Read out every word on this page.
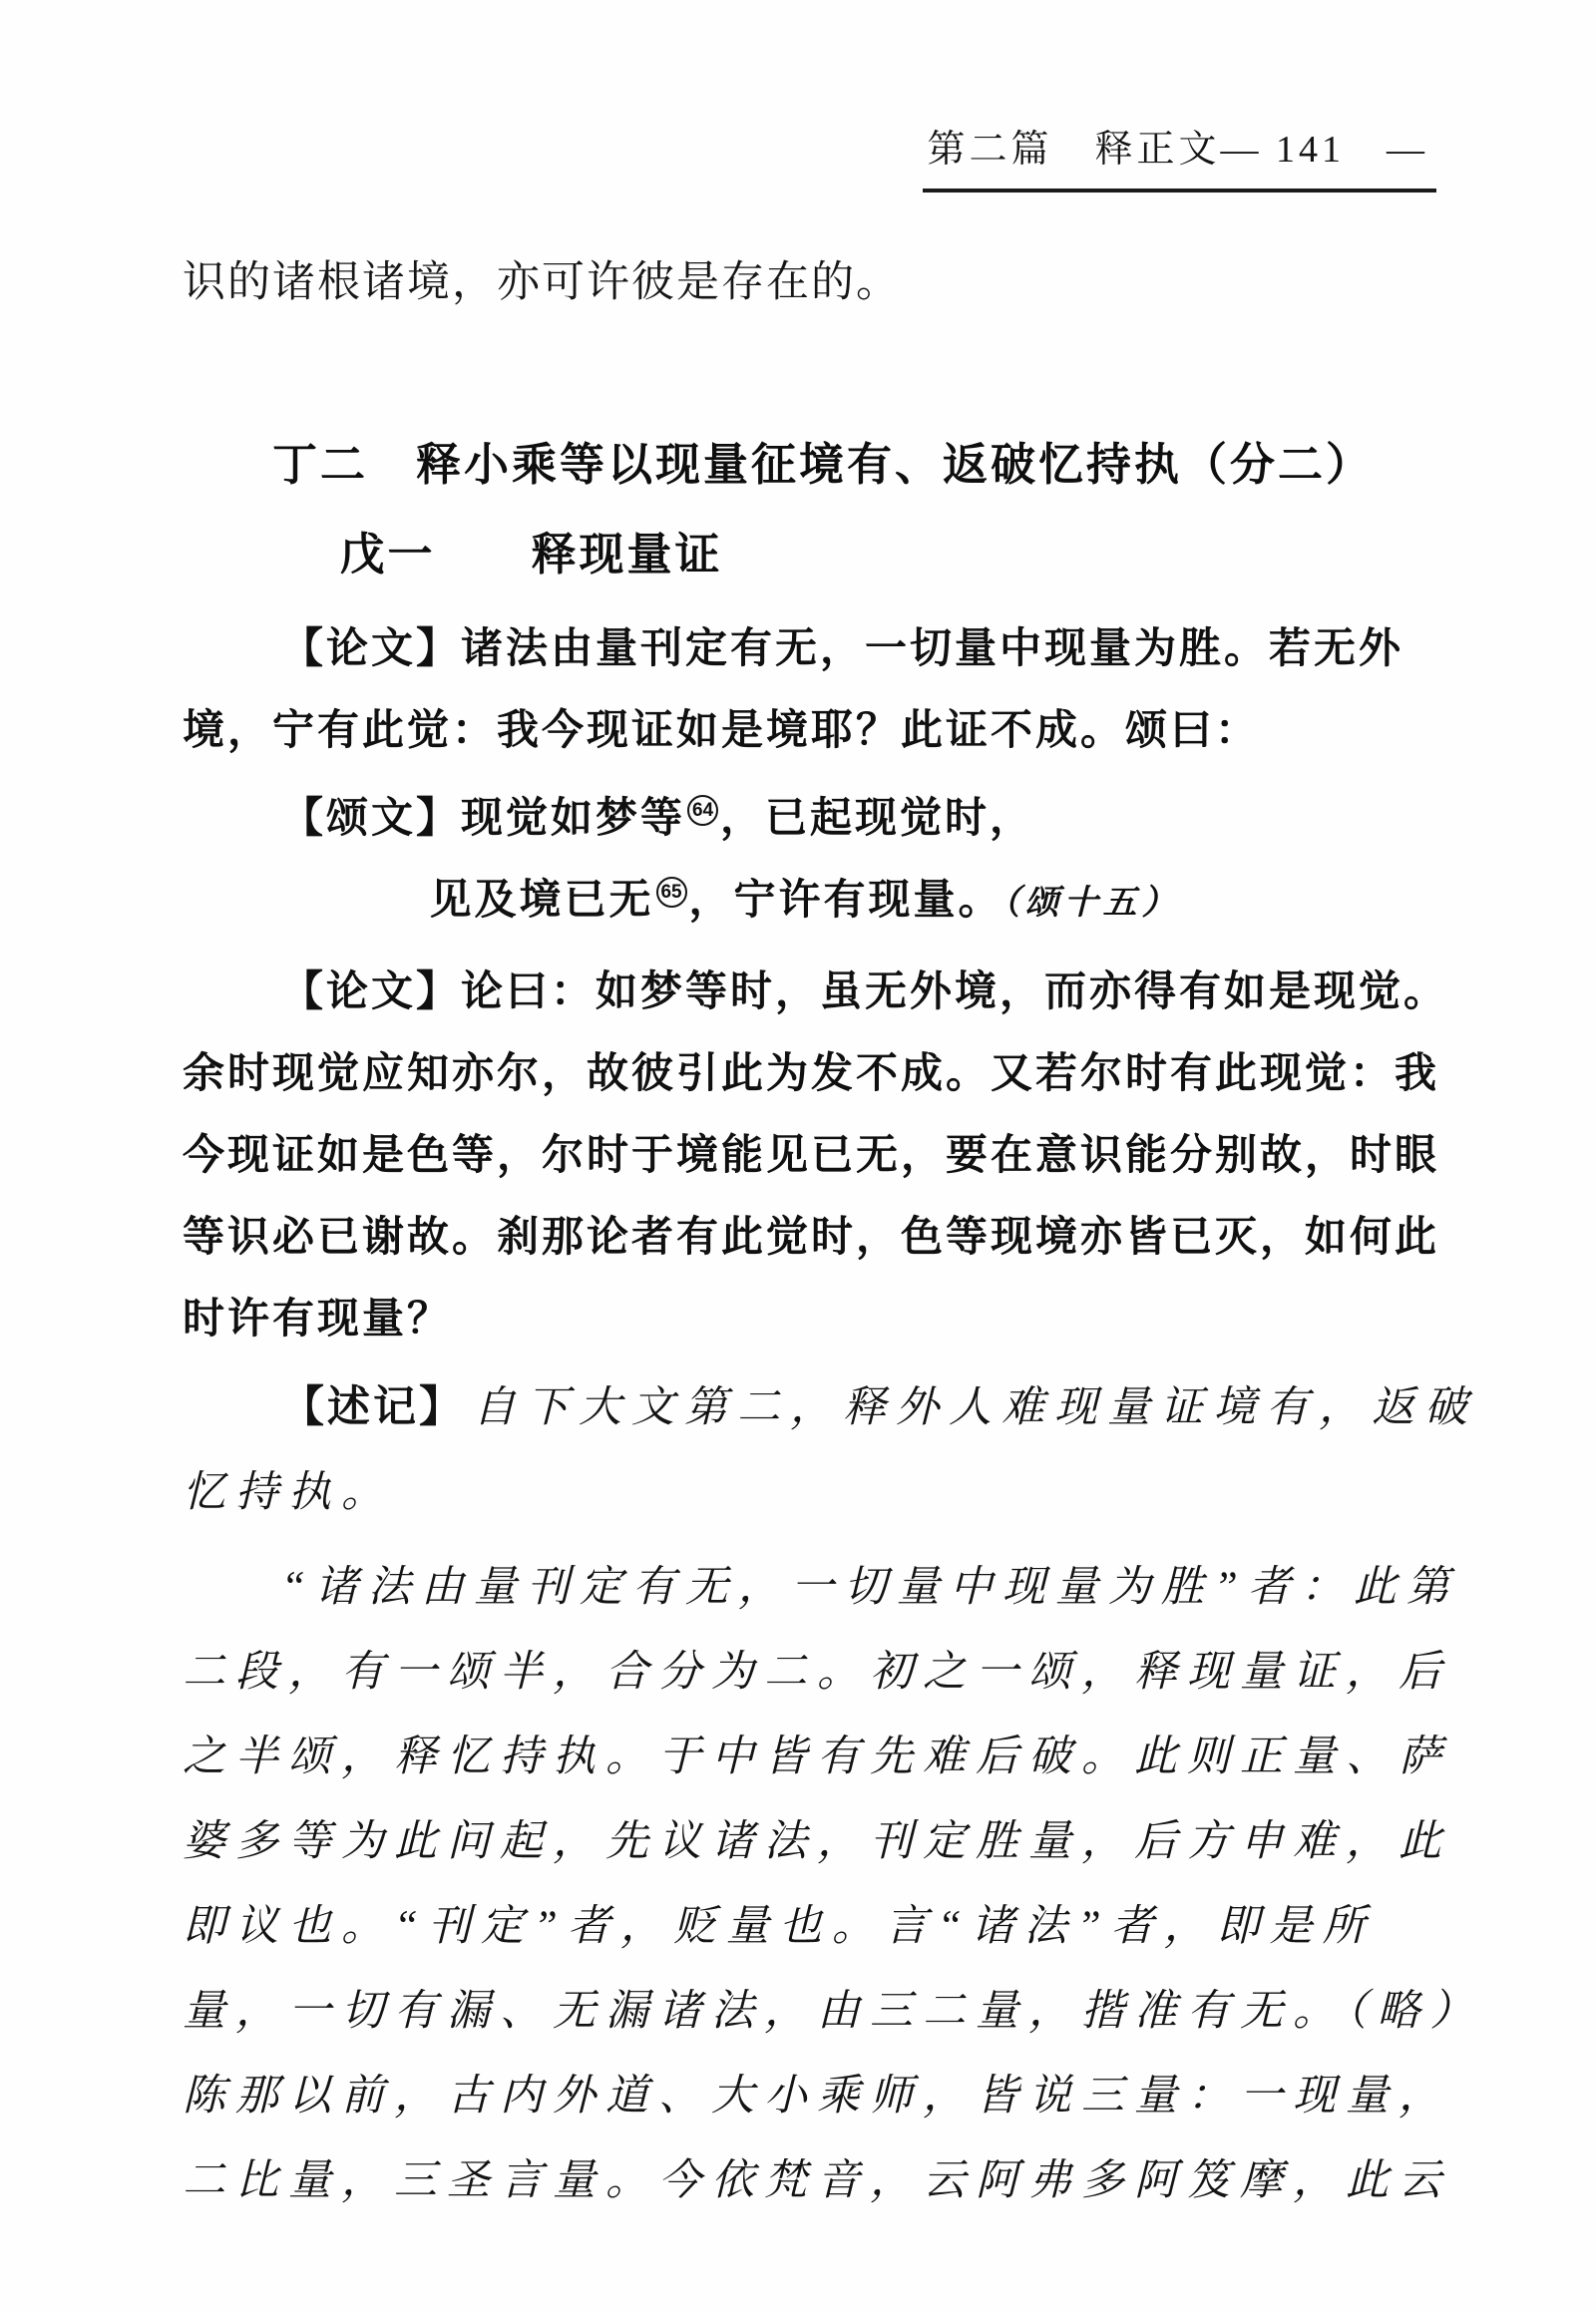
第二篇　释正文— 141　—
识的诸根诸境，亦可许彼是存在的。
丁二　释小乘等以现量征境有、返破忆持执（分二）
戊一　　释现量证
【论文】诸法由量刊定有无，一切量中现量为胜。若无外
境，宁有此觉：我今现证如是境耶？此证不成。颂曰：
【颂文】现觉如梦等 64 ，已起现觉时，
见及境已无 65 ，宁许有现量。（颂十五）
【论文】论曰：如梦等时，虽无外境，而亦得有如是现觉。
余时现觉应知亦尔，故彼引此为发不成。又若尔时有此现觉：我
今现证如是色等，尔时于境能见已无，要在意识能分别故，时眼
等识必已谢故。刹那论者有此觉时，色等现境亦皆已灭，如何此
时许有现量？
【述记】 自下大文第二，释外人难现量证境有，返破
忆持执。
“诸法由量刊定有无，一切量中现量为胜”者：此第
二段，有一颂半，合分为二。初之一颂，释现量证，后
之半颂，释忆持执。于中皆有先难后破。此则正量、萨
婆多等为此问起，先议诸法，刊定胜量，后方申难，此
即议也。“刊定”者，贬量也。言“诸法”者，即是所
量，一切有漏、无漏诸法，由三二量，揩准有无。（略）
陈那以前，古内外道、大小乘师，皆说三量：一现量，
二比量，三圣言量。今依梵音，云阿弗多阿笈摩，此云
